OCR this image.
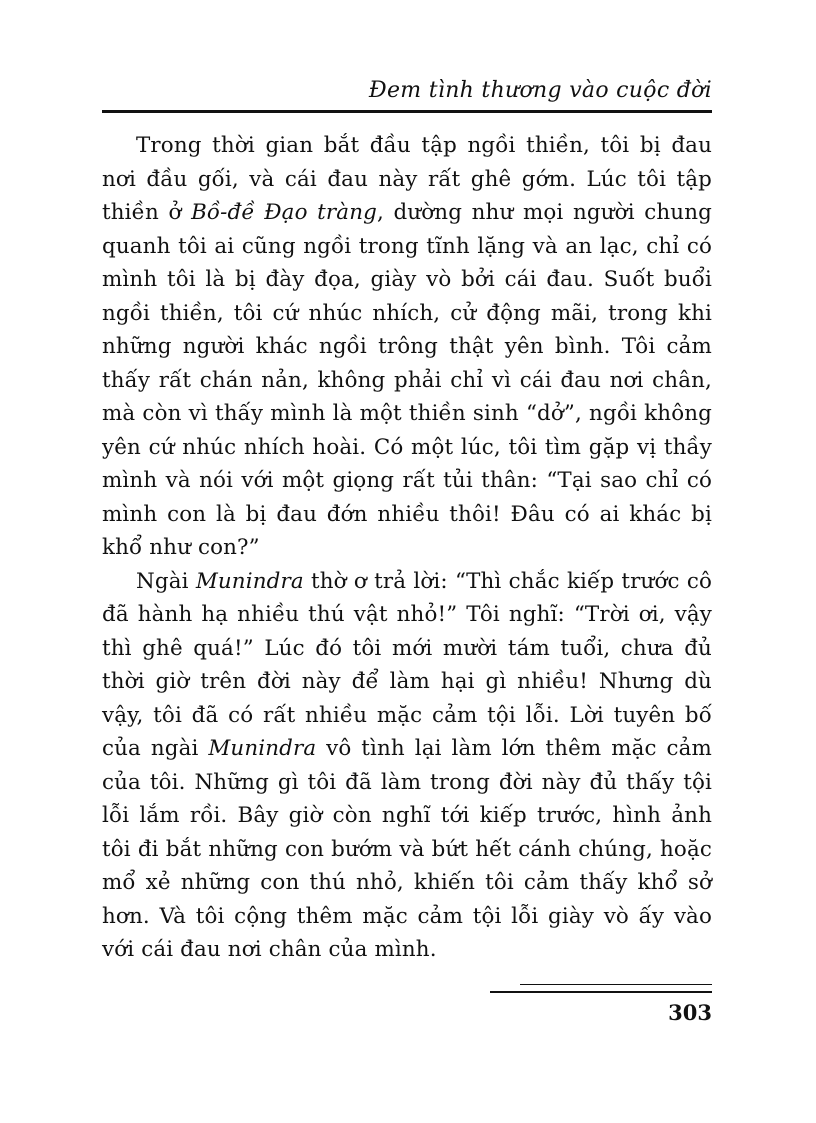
Đem tình thương vào cuộc đời

Trong thời gian bắt đầu tập ngồi thiền, tôi bị đau nơi đầu gối, và cái đau này rất ghê gớm. Lúc tôi tập thiền ở Bồ-đề Đạo tràng, dường như mọi người chung quanh tôi ai cũng ngồi trong tĩnh lặng và an lạc, chỉ có mình tôi là bị đày đọa, giày vò bởi cái đau. Suốt buổi ngồi thiền, tôi cứ nhúc nhích, cử động mãi, trong khi những người khác ngồi trông thật yên bình. Tôi cảm thấy rất chán nản, không phải chỉ vì cái đau nơi chân, mà còn vì thấy mình là một thiền sinh “dở”, ngồi không yên cứ nhúc nhích hoài. Có một lúc, tôi tìm gặp vị thầy mình và nói với một giọng rất tủi thân: “Tại sao chỉ có mình con là bị đau đớn nhiều thôi! Đâu có ai khác bị khổ như con?”

Ngài Munindra thờ ơ trả lời: “Thì chắc kiếp trước cô đã hành hạ nhiều thú vật nhỏ!” Tôi nghĩ: “Trời ơi, vậy thì ghê quá!” Lúc đó tôi mới mười tám tuổi, chưa đủ thời giờ trên đời này để làm hại gì nhiều! Nhưng dù vậy, tôi đã có rất nhiều mặc cảm tội lỗi. Lời tuyên bố của ngài Munindra vô tình lại làm lớn thêm mặc cảm của tôi. Những gì tôi đã làm trong đời này đủ thấy tội lỗi lắm rồi. Bây giờ còn nghĩ tới kiếp trước, hình ảnh tôi đi bắt những con bướm và bứt hết cánh chúng, hoặc mổ xẻ những con thú nhỏ, khiến tôi cảm thấy khổ sở hơn. Và tôi cộng thêm mặc cảm tội lỗi giày vò ấy vào với cái đau nơi chân của mình.

303
